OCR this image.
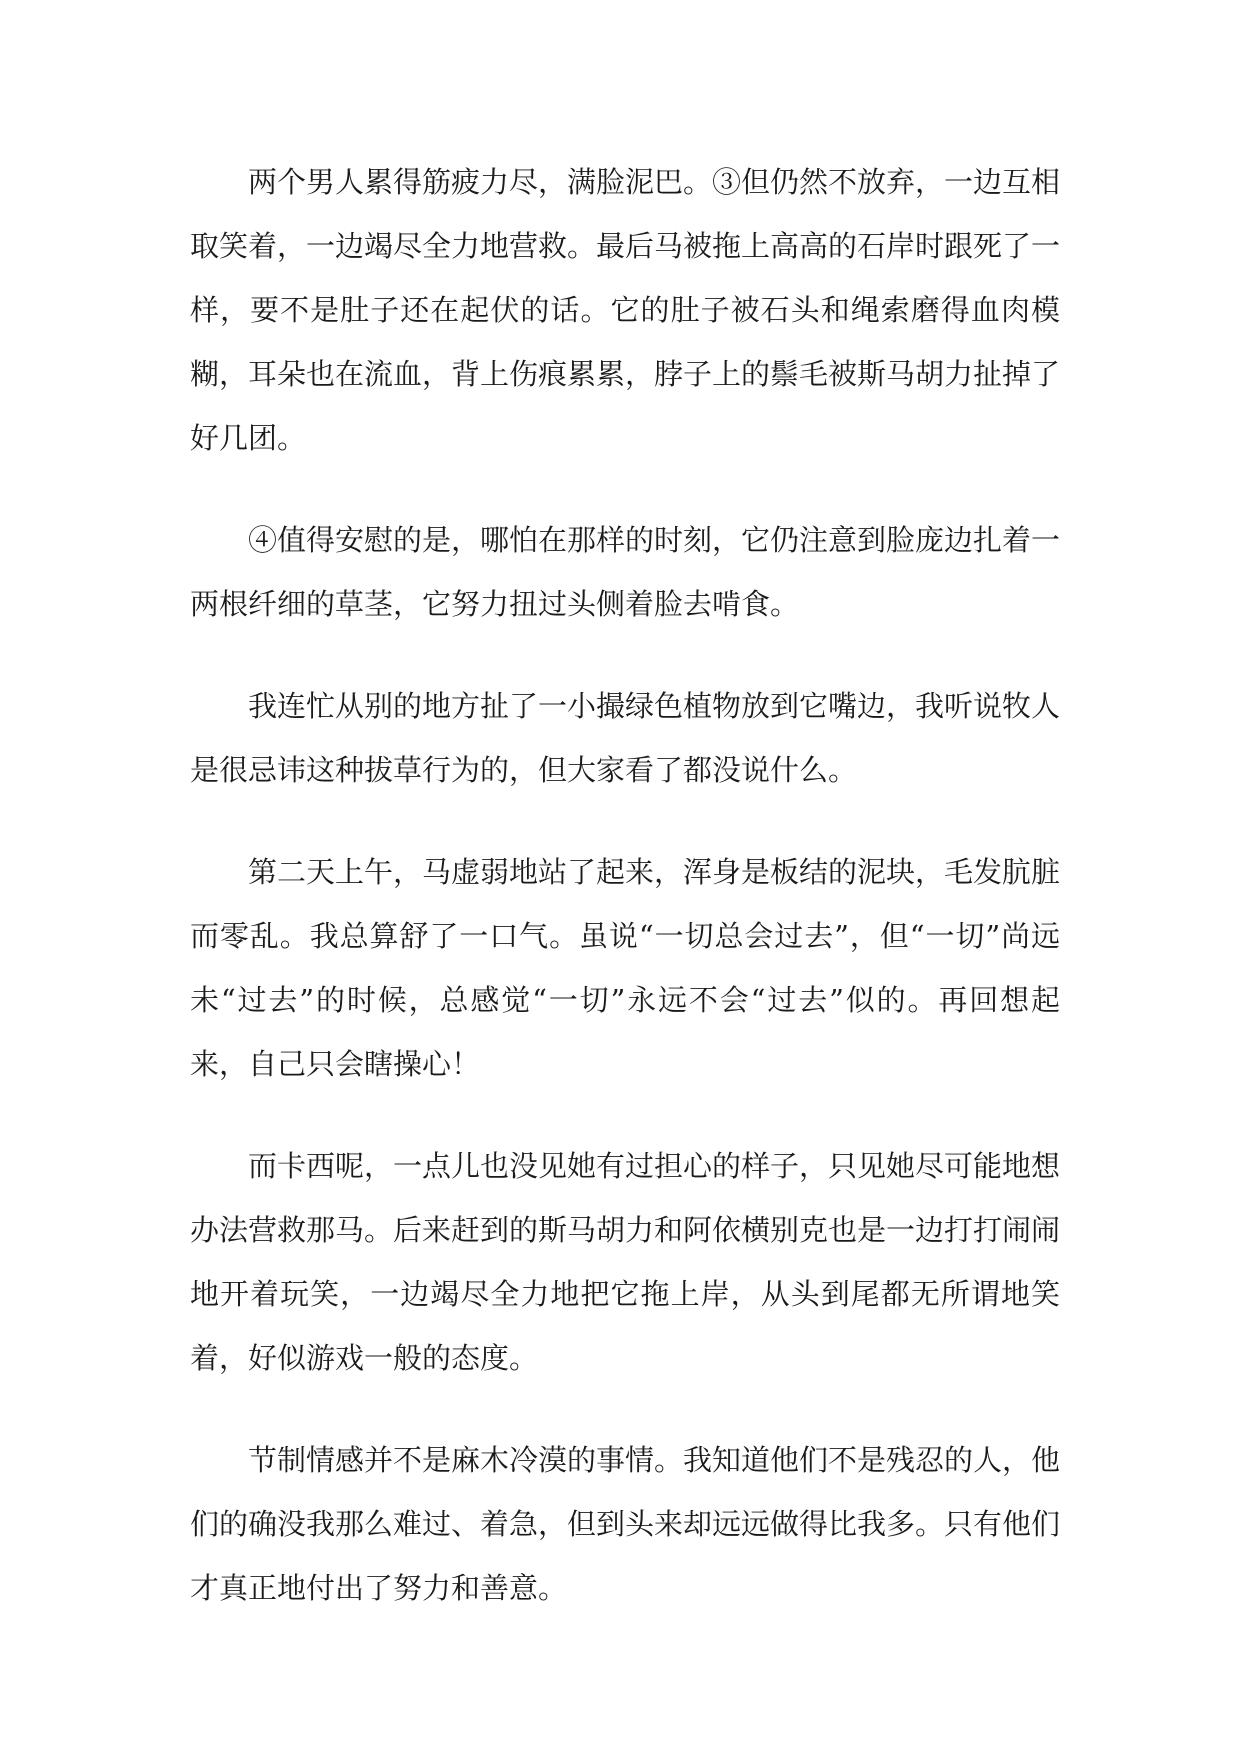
两个男人累得筋疲力尽，满脸泥巴。③但仍然不放弃，一边互相取笑着，一边竭尽全力地营救。最后马被拖上高高的石岸时跟死了一样，要不是肚子还在起伏的话。它的肚子被石头和绳索磨得血肉模糊，耳朵也在流血，背上伤痕累累，脖子上的鬃毛被斯马胡力扯掉了好几团。

④值得安慰的是，哪怕在那样的时刻，它仍注意到脸庞边扎着一两根纤细的草茎，它努力扭过头侧着脸去啃食。

我连忙从别的地方扯了一小撮绿色植物放到它嘴边，我听说牧人是很忌讳这种拔草行为的，但大家看了都没说什么。

第二天上午，马虚弱地站了起来，浑身是板结的泥块，毛发肮脏而零乱。我总算舒了一口气。虽说“一切总会过去”，但“一切”尚远未“过去”的时候，总感觉“一切”永远不会“过去”似的。再回想起来，自己只会瞎操心！

而卡西呢，一点儿也没见她有过担心的样子，只见她尽可能地想办法营救那马。后来赶到的斯马胡力和阿依横别克也是一边打打闹闹地开着玩笑，一边竭尽全力地把它拖上岸，从头到尾都无所谓地笑着，好似游戏一般的态度。

节制情感并不是麻木冷漠的事情。我知道他们不是残忍的人，他们的确没我那么难过、着急，但到头来却远远做得比我多。只有他们才真正地付出了努力和善意。
